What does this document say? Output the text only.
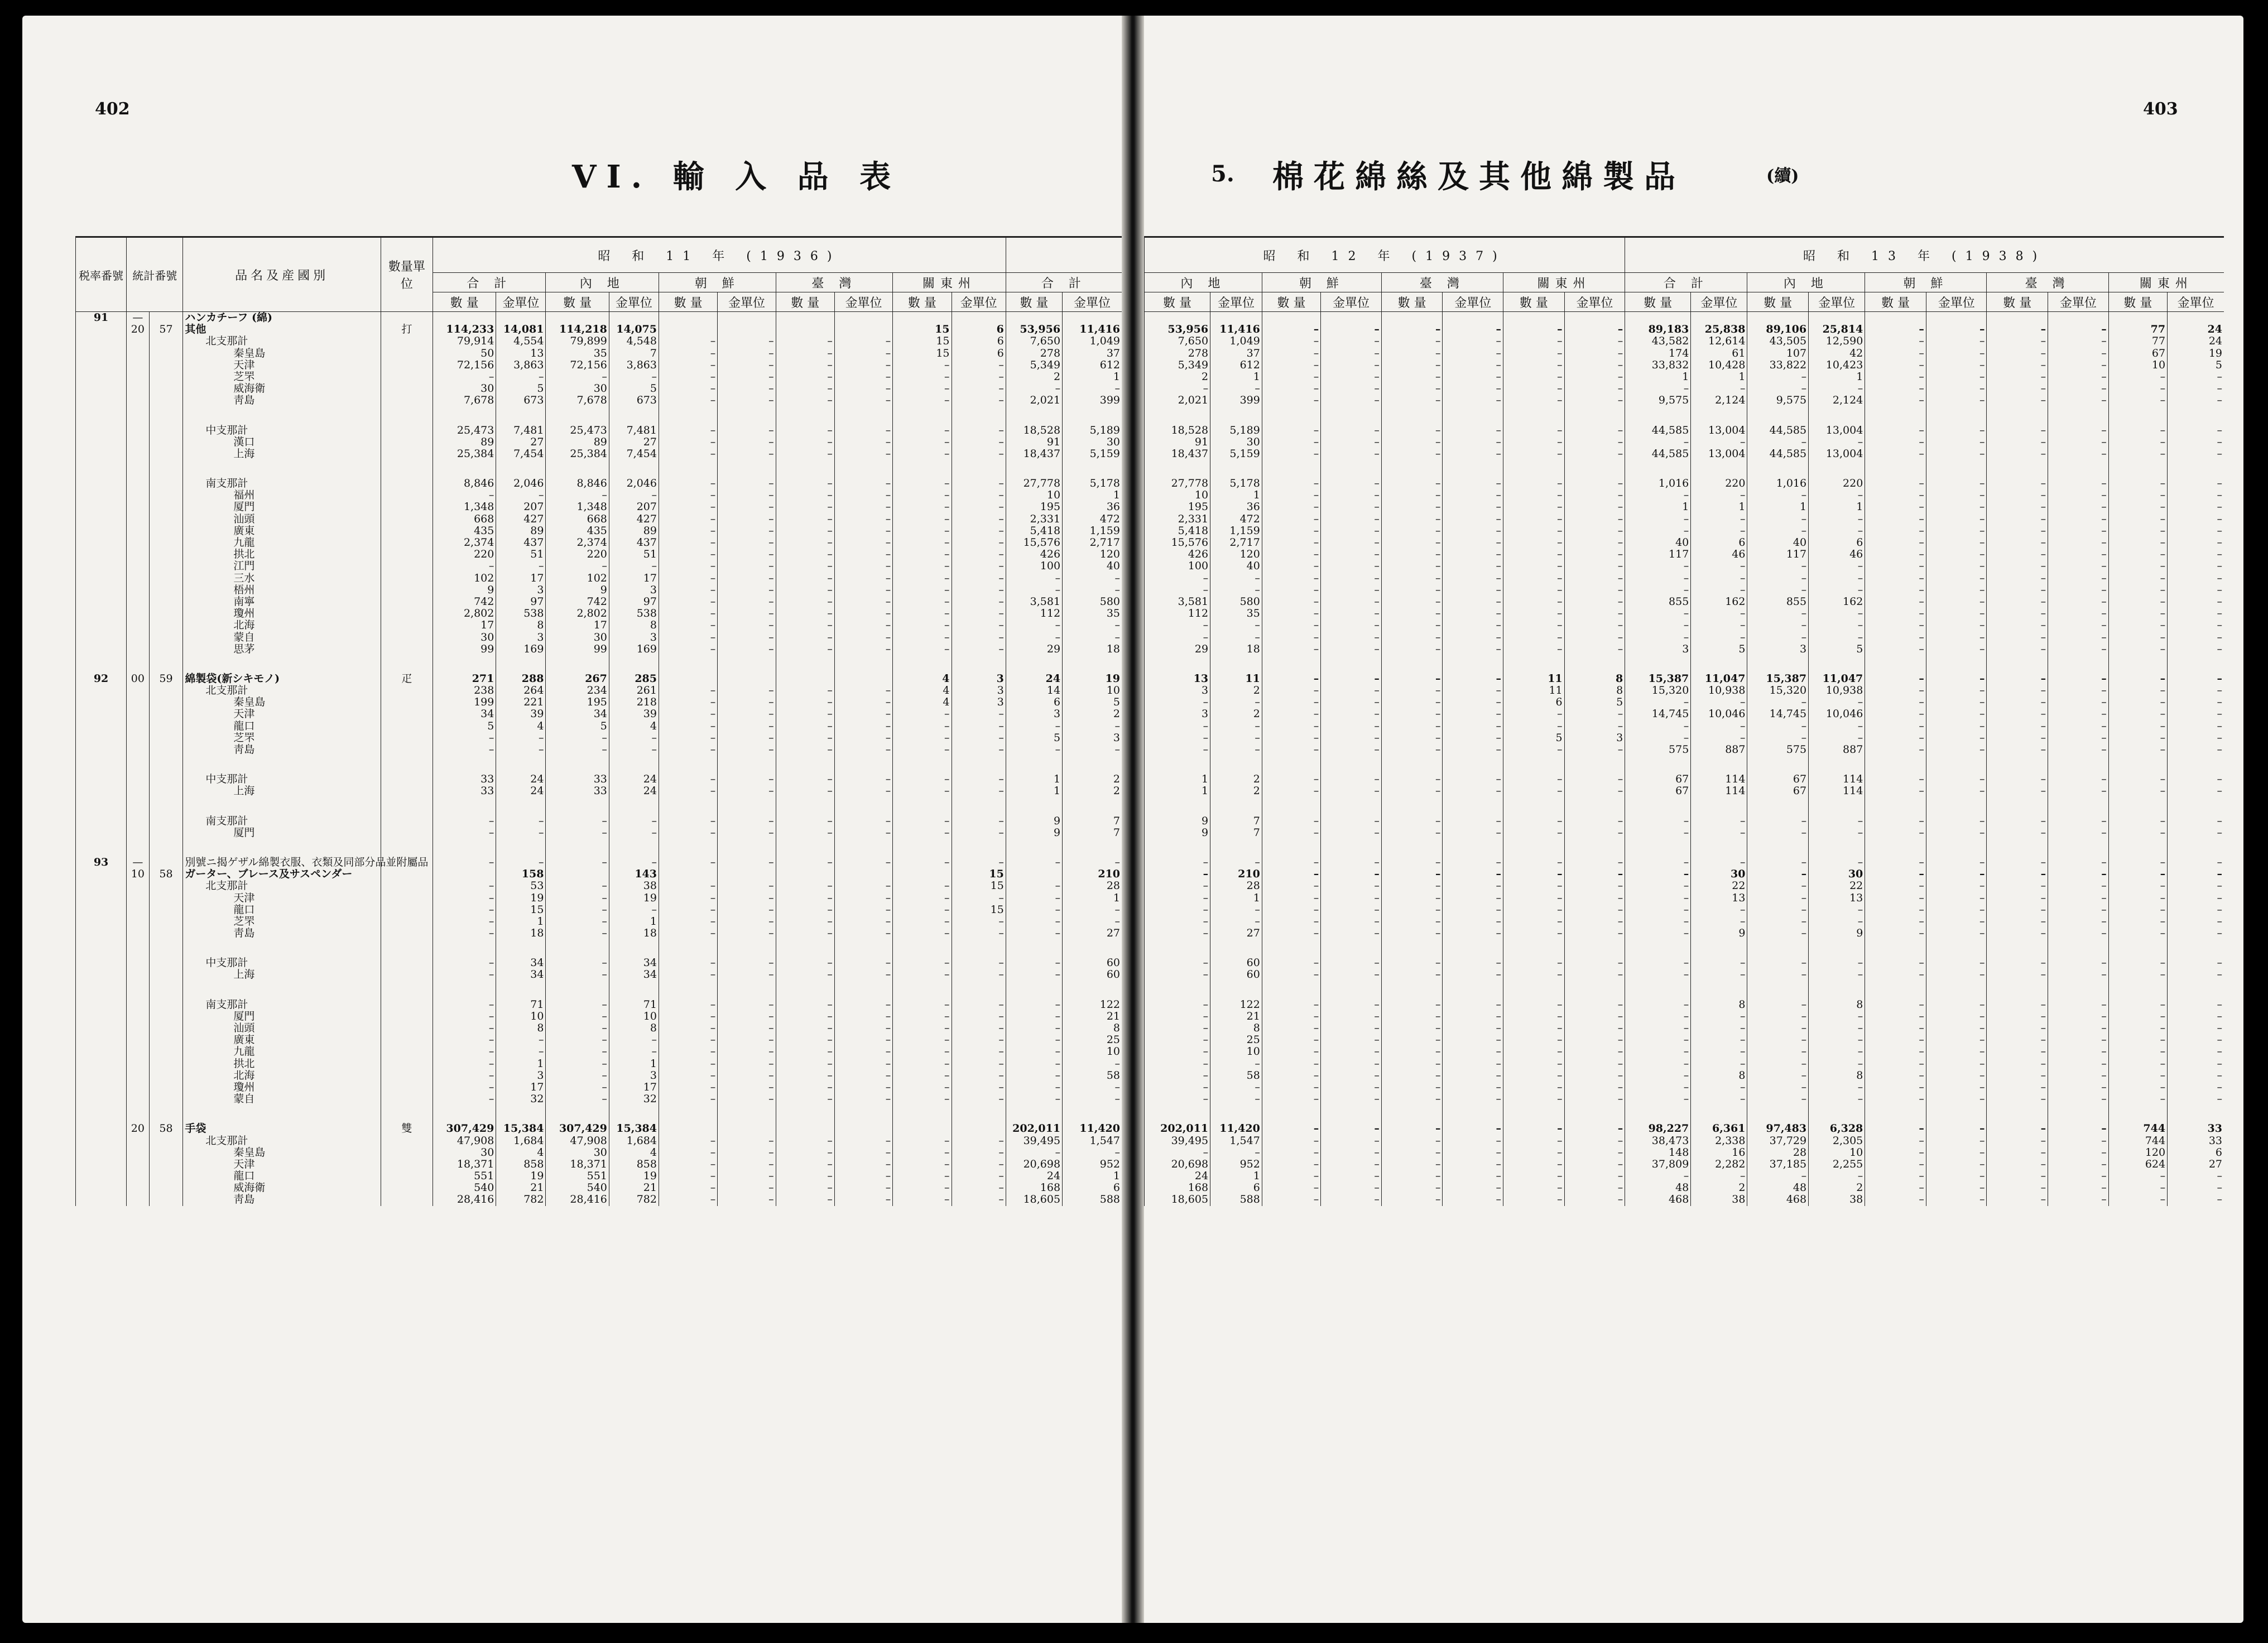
402
VI. 輸 入 品 表
税率番號	統計番號		品名及産國別	數量單位	昭 和 11 年 (1936)											
					合 計		內 地		朝 鮮		臺 灣		關東州		合 計	
					數 量	金單位	數 量	金單位	數 量	金單位	數 量	金單位	數 量	金單位	數 量	金單位
91	—		ハンカチーフ (綿)													
	20	57	其他	打	114,233	14,081	114,218	14,075					15	6	53,956	11,416
			北支那計		79,914	4,554	79,899	4,548	–	–	–	–	15	6	7,650	1,049
			秦皇島		50	13	35	7	–	–	–	–	15	6	278	37
			天津		72,156	3,863	72,156	3,863	–	–	–	–	–	–	5,349	612
			芝罘		–	–	–	–	–	–	–	–	–	–	2	1
			威海衛		30	5	30	5	–	–	–	–	–	–	–	–
			靑島		7,678	673	7,678	673	–	–	–	–	–	–	2,021	399

			中支那計		25,473	7,481	25,473	7,481	–	–	–	–	–	–	18,528	5,189
			漢口		89	27	89	27	–	–	–	–	–	–	91	30
			上海		25,384	7,454	25,384	7,454	–	–	–	–	–	–	18,437	5,159

			南支那計		8,846	2,046	8,846	2,046	–	–	–	–	–	–	27,778	5,178
			福州		–	–	–	–	–	–	–	–	–	–	10	1
			厦門		1,348	207	1,348	207	–	–	–	–	–	–	195	36
			汕頭		668	427	668	427	–	–	–	–	–	–	2,331	472
			廣東		435	89	435	89	–	–	–	–	–	–	5,418	1,159
			九龍		2,374	437	2,374	437	–	–	–	–	–	–	15,576	2,717
			拱北		220	51	220	51	–	–	–	–	–	–	426	120
			江門		–	–	–	–	–	–	–	–	–	–	100	40
			三水		102	17	102	17	–	–	–	–	–	–	–	–
			梧州		9	3	9	3	–	–	–	–	–	–	–	–
			南寧		742	97	742	97	–	–	–	–	–	–	3,581	580
			瓊州		2,802	538	2,802	538	–	–	–	–	–	–	112	35
			北海		17	8	17	8	–	–	–	–	–	–	–	–
			蒙自		30	3	30	3	–	–	–	–	–	–	–	–
			思茅		99	169	99	169	–	–	–	–	–	–	29	18

92	00	59	綿製袋(新シキモノ)	疋	271	288	267	285					4	3	24	19
			北支那計		238	264	234	261	–	–	–	–	4	3	14	10
			秦皇島		199	221	195	218	–	–	–	–	4	3	6	5
			天津		34	39	34	39	–	–	–	–	–	–	3	2
			龍口		5	4	5	4	–	–	–	–	–	–	–	–
			芝罘		–	–	–	–	–	–	–	–	–	–	5	3
			靑島		–	–	–	–	–	–	–	–	–	–	–	–

			中支那計		33	24	33	24	–	–	–	–	–	–	1	2
			上海		33	24	33	24	–	–	–	–	–	–	1	2

			南支那計		–	–	–	–	–	–	–	–	–	–	9	7
			厦門		–	–	–	–	–	–	–	–	–	–	9	7

93	—		別號ニ揭ゲザル綿製衣服、衣類及同部分品並附屬品		–	–	–	–	–	–	–	–	–	–	–	–
	10	58	ガーター、ブレース及サスペンダー			158		143						15		210
			北支那計		–	53	–	38	–	–	–	–	–	15	–	28
			天津		–	19	–	19	–	–	–	–	–	–	–	1
			龍口		–	15	–	–	–	–	–	–	–	15	–	–
			芝罘		–	1	–	1	–	–	–	–	–	–	–	–
			靑島		–	18	–	18	–	–	–	–	–	–	–	27

			中支那計		–	34	–	34	–	–	–	–	–	–	–	60
			上海		–	34	–	34	–	–	–	–	–	–	–	60

			南支那計		–	71	–	71	–	–	–	–	–	–	–	122
			厦門		–	10	–	10	–	–	–	–	–	–	–	21
			汕頭		–	8	–	8	–	–	–	–	–	–	–	8
			廣東		–	–	–	–	–	–	–	–	–	–	–	25
			九龍		–	–	–	–	–	–	–	–	–	–	–	10
			拱北		–	1	–	1	–	–	–	–	–	–	–	–
			北海		–	3	–	3	–	–	–	–	–	–	–	58
			瓊州		–	17	–	17	–	–	–	–	–	–	–	–
			蒙自		–	32	–	32	–	–	–	–	–	–	–	–

	20	58	手袋	雙	307,429	15,384	307,429	15,384							202,011	11,420
			北支那計		47,908	1,684	47,908	1,684	–	–	–	–	–	–	39,495	1,547
			秦皇島		30	4	30	4	–	–	–	–	–	–	–	–
			天津		18,371	858	18,371	858	–	–	–	–	–	–	20,698	952
			龍口		551	19	551	19	–	–	–	–	–	–	24	1
			威海衛		540	21	540	21	–	–	–	–	–	–	168	6
			靑島		28,416	782	28,416	782	–	–	–	–	–	–	18,605	588
403
5. 棉花綿絲及其他綿製品	(續)
昭 和 12 年 (1937)								昭 和 13 年 (1938)									
內 地		朝 鮮		臺 灣		關東州		合 計		內 地		朝 鮮		臺 灣		關東州	
數 量	金單位	數 量	金單位	數 量	金單位	數 量	金單位	數 量	金單位	數 量	金單位	數 量	金單位	數 量	金單位	數 量	金單位

53,956	11,416	–	–	–	–	–	–	89,183	25,838	89,106	25,814	–	–	–	–	77	24
7,650	1,049	–	–	–	–	–	–	43,582	12,614	43,505	12,590	–	–	–	–	77	24
278	37	–	–	–	–	–	–	174	61	107	42	–	–	–	–	67	19
5,349	612	–	–	–	–	–	–	33,832	10,428	33,822	10,423	–	–	–	–	10	5
2	1	–	–	–	–	–	–	1	1	–	1	–	–	–	–	–	–
–	–	–	–	–	–	–	–	–	–	–	–	–	–	–	–	–	–
2,021	399	–	–	–	–	–	–	9,575	2,124	9,575	2,124	–	–	–	–	–	–

18,528	5,189	–	–	–	–	–	–	44,585	13,004	44,585	13,004	–	–	–	–	–	–
91	30	–	–	–	–	–	–	–	–	–	–	–	–	–	–	–	–
18,437	5,159	–	–	–	–	–	–	44,585	13,004	44,585	13,004	–	–	–	–	–	–

27,778	5,178	–	–	–	–	–	–	1,016	220	1,016	220	–	–	–	–	–	–
10	1	–	–	–	–	–	–	–	–	–	–	–	–	–	–	–	–
195	36	–	–	–	–	–	–	1	1	1	1	–	–	–	–	–	–
2,331	472	–	–	–	–	–	–	–	–	–	–	–	–	–	–	–	–
5,418	1,159	–	–	–	–	–	–	–	–	–	–	–	–	–	–	–	–
15,576	2,717	–	–	–	–	–	–	40	6	40	6	–	–	–	–	–	–
426	120	–	–	–	–	–	–	117	46	117	46	–	–	–	–	–	–
100	40	–	–	–	–	–	–	–	–	–	–	–	–	–	–	–	–
–	–	–	–	–	–	–	–	–	–	–	–	–	–	–	–	–	–
–	–	–	–	–	–	–	–	–	–	–	–	–	–	–	–	–	–
3,581	580	–	–	–	–	–	–	855	162	855	162	–	–	–	–	–	–
112	35	–	–	–	–	–	–	–	–	–	–	–	–	–	–	–	–
–	–	–	–	–	–	–	–	–	–	–	–	–	–	–	–	–	–
–	–	–	–	–	–	–	–	–	–	–	–	–	–	–	–	–	–
29	18	–	–	–	–	–	–	3	5	3	5	–	–	–	–	–	–

13	11	–	–	–	–	11	8	15,387	11,047	15,387	11,047	–	–	–	–	–	–
3	2	–	–	–	–	11	8	15,320	10,938	15,320	10,938	–	–	–	–	–	–
–	–	–	–	–	–	6	5	–	–	–	–	–	–	–	–	–	–
3	2	–	–	–	–	–	–	14,745	10,046	14,745	10,046	–	–	–	–	–	–
–	–	–	–	–	–	–	–	–	–	–	–	–	–	–	–	–	–
–	–	–	–	–	–	5	3	–	–	–	–	–	–	–	–	–	–
–	–	–	–	–	–	–	–	575	887	575	887	–	–	–	–	–	–

1	2	–	–	–	–	–	–	67	114	67	114	–	–	–	–	–	–
1	2	–	–	–	–	–	–	67	114	67	114	–	–	–	–	–	–

9	7	–	–	–	–	–	–	–	–	–	–	–	–	–	–	–	–
9	7	–	–	–	–	–	–	–	–	–	–	–	–	–	–	–	–

–	–	–	–	–	–	–	–	–	–	–	–	–	–	–	–	–	–
–	210	–	–	–	–	–	–	–	30	–	30	–	–	–	–	–	–
–	28	–	–	–	–	–	–	–	22	–	22	–	–	–	–	–	–
–	1	–	–	–	–	–	–	–	13	–	13	–	–	–	–	–	–
–	–	–	–	–	–	–	–	–	–	–	–	–	–	–	–	–	–
–	–	–	–	–	–	–	–	–	–	–	–	–	–	–	–	–	–
–	27	–	–	–	–	–	–	–	9	–	9	–	–	–	–	–	–

–	60	–	–	–	–	–	–	–	–	–	–	–	–	–	–	–	–
–	60	–	–	–	–	–	–	–	–	–	–	–	–	–	–	–	–

–	122	–	–	–	–	–	–	–	8	–	8	–	–	–	–	–	–
–	21	–	–	–	–	–	–	–	–	–	–	–	–	–	–	–	–
–	8	–	–	–	–	–	–	–	–	–	–	–	–	–	–	–	–
–	25	–	–	–	–	–	–	–	–	–	–	–	–	–	–	–	–
–	10	–	–	–	–	–	–	–	–	–	–	–	–	–	–	–	–
–	–	–	–	–	–	–	–	–	–	–	–	–	–	–	–	–	–
–	58	–	–	–	–	–	–	–	8	–	8	–	–	–	–	–	–
–	–	–	–	–	–	–	–	–	–	–	–	–	–	–	–	–	–
–	–	–	–	–	–	–	–	–	–	–	–	–	–	–	–	–	–

202,011	11,420	–	–	–	–	–	–	98,227	6,361	97,483	6,328	–	–	–	–	744	33
39,495	1,547	–	–	–	–	–	–	38,473	2,338	37,729	2,305	–	–	–	–	744	33
–	–	–	–	–	–	–	–	148	16	28	10	–	–	–	–	120	6
20,698	952	–	–	–	–	–	–	37,809	2,282	37,185	2,255	–	–	–	–	624	27
24	1	–	–	–	–	–	–	–	–	–	–	–	–	–	–	–	–
168	6	–	–	–	–	–	–	48	2	48	2	–	–	–	–	–	–
18,605	588	–	–	–	–	–	–	468	38	468	38	–	–	–	–	–	–
